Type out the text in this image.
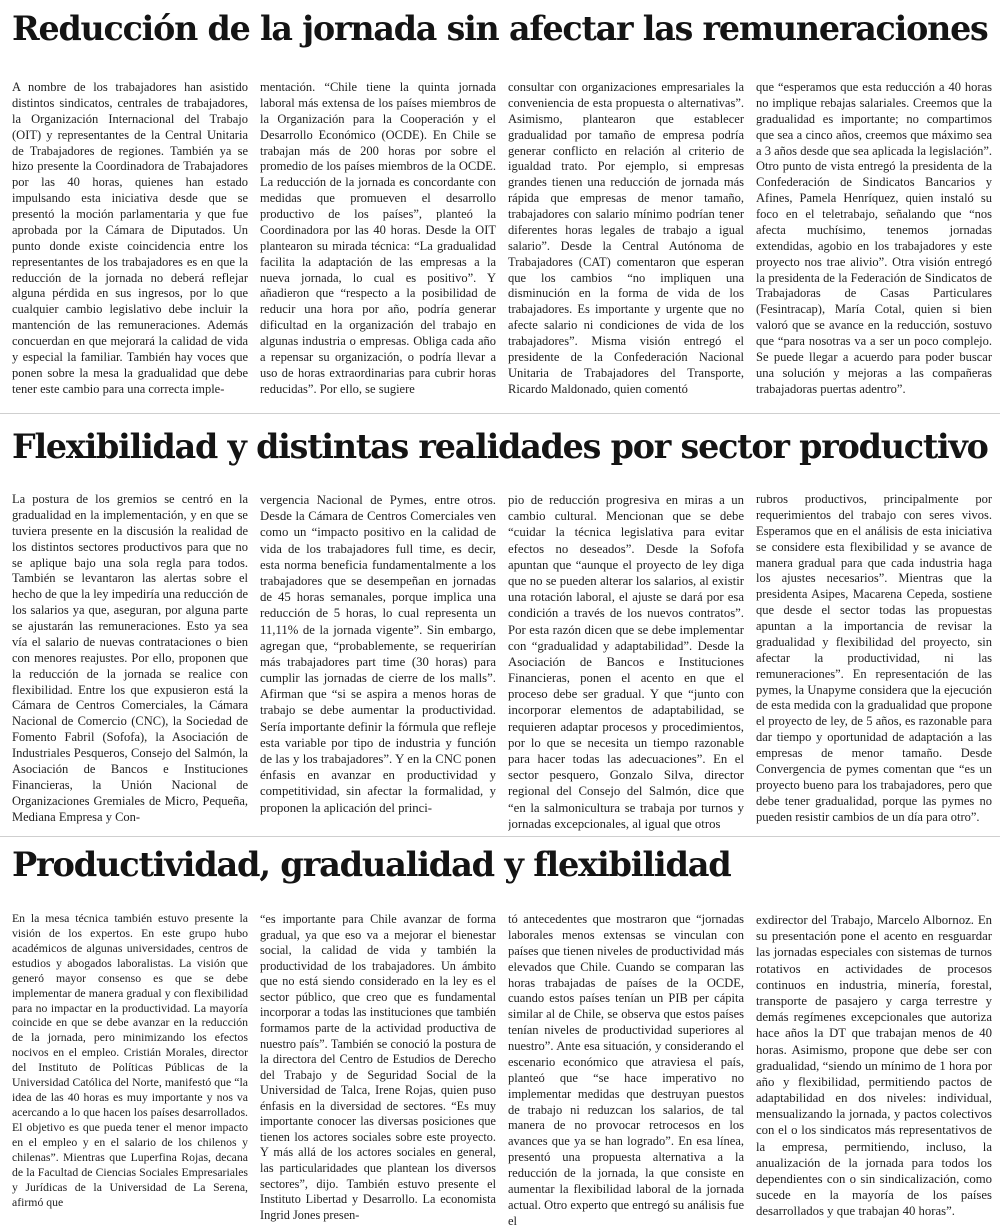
Reducción de la jornada sin afectar las remuneraciones

A nombre de los trabajadores han asistido distintos sindicatos, centrales de trabajadores, la Organización Internacional del Trabajo (OIT) y representantes de la Central Unitaria de Trabajadores de regiones. También ya se hizo presente la Coordinadora de Trabajadores por las 40 horas, quienes han estado impulsando esta iniciativa desde que se presentó la moción parlamentaria y que fue aprobada por la Cámara de Diputados. Un punto donde existe coincidencia entre los representantes de los trabajadores es en que la reducción de la jornada no deberá reflejar alguna pérdida en sus ingresos, por lo que cualquier cambio legislativo debe incluir la mantención de las remuneraciones. Además concuerdan en que mejorará la calidad de vida y especial la familiar. También hay voces que ponen sobre la mesa la gradualidad que debe tener este cambio para una correcta imple-

mentación. “Chile tiene la quinta jornada laboral más extensa de los países miembros de la Organización para la Cooperación y el Desarrollo Económico (OCDE). En Chile se trabajan más de 200 horas por sobre el promedio de los países miembros de la OCDE. La reducción de la jornada es concordante con medidas que promueven el desarrollo productivo de los países”, planteó la Coordinadora por las 40 horas. Desde la OIT plantearon su mirada técnica: “La gradualidad facilita la adaptación de las empresas a la nueva jornada, lo cual es positivo”. Y añadieron que “respecto a la posibilidad de reducir una hora por año, podría generar dificultad en la organización del trabajo en algunas industria o empresas. Obliga cada año a repensar su organización, o podría llevar a uso de horas extraordinarias para cubrir horas reducidas”. Por ello, se sugiere

consultar con organizaciones empresariales la conveniencia de esta propuesta o alternativas”. Asimismo, plantearon que establecer gradualidad por tamaño de empresa podría generar conflicto en relación al criterio de igualdad trato. Por ejemplo, si empresas grandes tienen una reducción de jornada más rápida que empresas de menor tamaño, trabajadores con salario mínimo podrían tener diferentes horas legales de trabajo a igual salario”. Desde la Central Autónoma de Trabajadores (CAT) comentaron que esperan que los cambios “no impliquen una disminución en la forma de vida de los trabajadores. Es importante y urgente que no afecte salario ni condiciones de vida de los trabajadores”. Misma visión entregó el presidente de la Confederación Nacional Unitaria de Trabajadores del Transporte, Ricardo Maldonado, quien comentó

que “esperamos que esta reducción a 40 horas no implique rebajas salariales. Creemos que la gradualidad es importante; no compartimos que sea a cinco años, creemos que máximo sea a 3 años desde que sea aplicada la legislación”. Otro punto de vista entregó la presidenta de la Confederación de Sindicatos Bancarios y Afines, Pamela Henríquez, quien instaló su foco en el teletrabajo, señalando que “nos afecta muchísimo, tenemos jornadas extendidas, agobio en los trabajadores y este proyecto nos trae alivio”. Otra visión entregó la presidenta de la Federación de Sindicatos de Trabajadoras de Casas Particulares (Fesintracap), María Cotal, quien si bien valoró que se avance en la reducción, sostuvo que “para nosotras va a ser un poco complejo. Se puede llegar a acuerdo para poder buscar una solución y mejoras a las compañeras trabajadoras puertas adentro”.

Flexibilidad y distintas realidades por sector productivo

La postura de los gremios se centró en la gradualidad en la implementación, y en que se tuviera presente en la discusión la realidad de los distintos sectores productivos para que no se aplique bajo una sola regla para todos. También se levantaron las alertas sobre el hecho de que la ley impediría una reducción de los salarios ya que, aseguran, por alguna parte se ajustarán las remuneraciones. Esto ya sea vía el salario de nuevas contrataciones o bien con menores reajustes. Por ello, proponen que la reducción de la jornada se realice con flexibilidad. Entre los que expusieron está la Cámara de Centros Comerciales, la Cámara Nacional de Comercio (CNC), la Sociedad de Fomento Fabril (Sofofa), la Asociación de Industriales Pesqueros, Consejo del Salmón, la Asociación de Bancos e Instituciones Financieras, la Unión Nacional de Organizaciones Gremiales de Micro, Pequeña, Mediana Empresa y Con-

vergencia Nacional de Pymes, entre otros. Desde la Cámara de Centros Comerciales ven como un “impacto positivo en la calidad de vida de los trabajadores full time, es decir, esta norma beneficia fundamentalmente a los trabajadores que se desempeñan en jornadas de 45 horas semanales, porque implica una reducción de 5 horas, lo cual representa un 11,11% de la jornada vigente”. Sin embargo, agregan que, “probablemente, se requerirían más trabajadores part time (30 horas) para cumplir las jornadas de cierre de los malls”. Afirman que “si se aspira a menos horas de trabajo se debe aumentar la productividad. Sería importante definir la fórmula que refleje esta variable por tipo de industria y función de las y los trabajadores”. Y en la CNC ponen énfasis en avanzar en productividad y competitividad, sin afectar la formalidad, y proponen la aplicación del princi-

pio de reducción progresiva en miras a un cambio cultural. Mencionan que se debe “cuidar la técnica legislativa para evitar efectos no deseados”. Desde la Sofofa apuntan que “aunque el proyecto de ley diga que no se pueden alterar los salarios, al existir una rotación laboral, el ajuste se dará por esa condición a través de los nuevos contratos”. Por esta razón dicen que se debe implementar con “gradualidad y adaptabilidad”. Desde la Asociación de Bancos e Instituciones Financieras, ponen el acento en que el proceso debe ser gradual. Y que “junto con incorporar elementos de adaptabilidad, se requieren adaptar procesos y procedimientos, por lo que se necesita un tiempo razonable para hacer todas las adecuaciones”. En el sector pesquero, Gonzalo Silva, director regional del Consejo del Salmón, dice que “en la salmonicultura se trabaja por turnos y jornadas excepcionales, al igual que otros

rubros productivos, principalmente por requerimientos del trabajo con seres vivos. Esperamos que en el análisis de esta iniciativa se considere esta flexibilidad y se avance de manera gradual para que cada industria haga los ajustes necesarios”. Mientras que la presidenta Asipes, Macarena Cepeda, sostiene que desde el sector todas las propuestas apuntan a la importancia de revisar la gradualidad y flexibilidad del proyecto, sin afectar la productividad, ni las remuneraciones”. En representación de las pymes, la Unapyme considera que la ejecución de esta medida con la gradualidad que propone el proyecto de ley, de 5 años, es razonable para dar tiempo y oportunidad de adaptación a las empresas de menor tamaño. Desde Convergencia de pymes comentan que “es un proyecto bueno para los trabajadores, pero que debe tener gradualidad, porque las pymes no pueden resistir cambios de un día para otro”.

Productividad, gradualidad y flexibilidad

En la mesa técnica también estuvo presente la visión de los expertos. En este grupo hubo académicos de algunas universidades, centros de estudios y abogados laboralistas. La visión que generó mayor consenso es que se debe implementar de manera gradual y con flexibilidad para no impactar en la productividad. La mayoría coincide en que se debe avanzar en la reducción de la jornada, pero minimizando los efectos nocivos en el empleo. Cristián Morales, director del Instituto de Políticas Públicas de la Universidad Católica del Norte, manifestó que “la idea de las 40 horas es muy importante y nos va acercando a lo que hacen los países desarrollados. El objetivo es que pueda tener el menor impacto en el empleo y en el salario de los chilenos y chilenas”. Mientras que Luperfina Rojas, decana de la Facultad de Ciencias Sociales Empresariales y Jurídicas de la Universidad de La Serena, afirmó que

“es importante para Chile avanzar de forma gradual, ya que eso va a mejorar el bienestar social, la calidad de vida y también la productividad de los trabajadores. Un ámbito que no está siendo considerado en la ley es el sector público, que creo que es fundamental incorporar a todas las instituciones que también formamos parte de la actividad productiva de nuestro país”. También se conoció la postura de la directora del Centro de Estudios de Derecho del Trabajo y de Seguridad Social de la Universidad de Talca, Irene Rojas, quien puso énfasis en la diversidad de sectores. “Es muy importante conocer las diversas posiciones que tienen los actores sociales sobre este proyecto. Y más allá de los actores sociales en general, las particularidades que plantean los diversos sectores”, dijo. También estuvo presente el Instituto Libertad y Desarrollo. La economista Ingrid Jones presen-

tó antecedentes que mostraron que “jornadas laborales menos extensas se vinculan con países que tienen niveles de productividad más elevados que Chile. Cuando se comparan las horas trabajadas de países de la OCDE, cuando estos países tenían un PIB per cápita similar al de Chile, se observa que estos países tenían niveles de productividad superiores al nuestro”. Ante esa situación, y considerando el escenario económico que atraviesa el país, planteó que “se hace imperativo no implementar medidas que destruyan puestos de trabajo ni reduzcan los salarios, de tal manera de no provocar retrocesos en los avances que ya se han logrado”. En esa línea, presentó una propuesta alternativa a la reducción de la jornada, la que consiste en aumentar la flexibilidad laboral de la jornada actual. Otro experto que entregó su análisis fue el

exdirector del Trabajo, Marcelo Albornoz. En su presentación pone el acento en resguardar las jornadas especiales con sistemas de turnos rotativos en actividades de procesos continuos en industria, minería, forestal, transporte de pasajero y carga terrestre y demás regímenes excepcionales que autoriza hace años la DT que trabajan menos de 40 horas. Asimismo, propone que debe ser con gradualidad, “siendo un mínimo de 1 hora por año y flexibilidad, permitiendo pactos de adaptabilidad en dos niveles: individual, mensualizando la jornada, y pactos colectivos con el o los sindicatos más representativos de la empresa, permitiendo, incluso, la anualización de la jornada para todos los dependientes con o sin sindicalización, como sucede en la mayoría de los países desarrollados y que trabajan 40 horas”.
